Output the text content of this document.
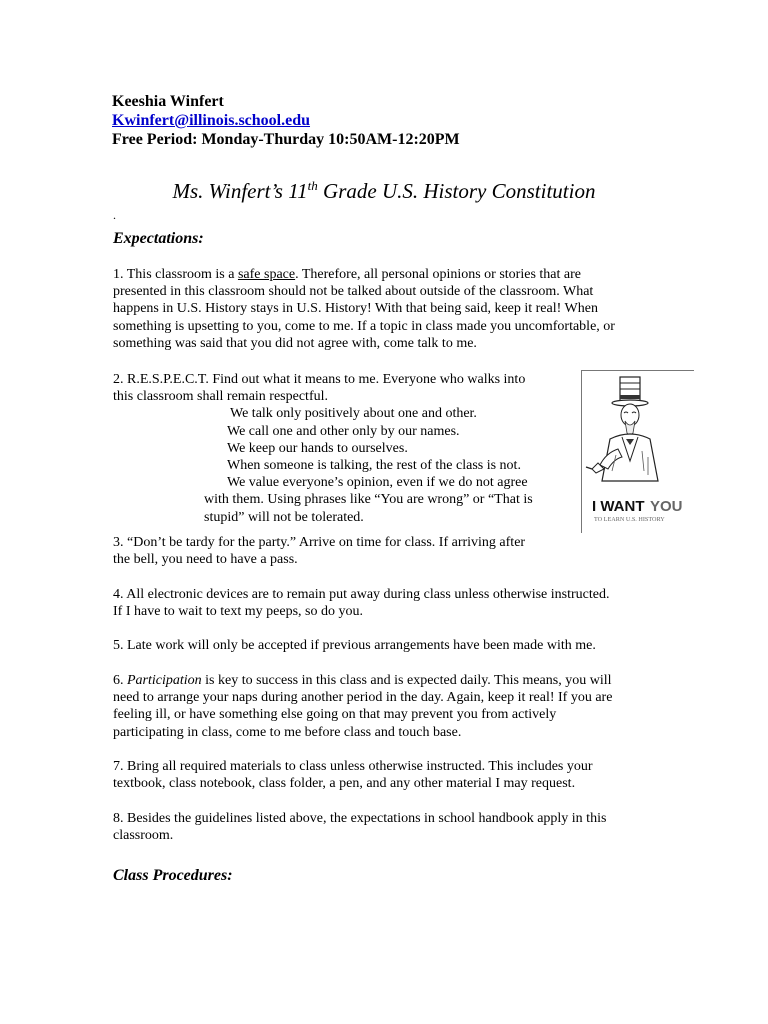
Keeshia Winfert
Kwinfert@illinois.school.edu
Free Period: Monday-Thurday 10:50AM-12:20PM
Ms. Winfert’s 11th Grade U.S. History Constitution
.
Expectations:
1. This classroom is a safe space. Therefore, all personal opinions or stories that are
presented in this classroom should not be talked about outside of the classroom. What
happens in U.S. History stays in U.S. History! With that being said, keep it real! When
something is upsetting to you, come to me. If a topic in class made you uncomfortable, or
something was said that you did not agree with, come talk to me.
2. R.E.S.P.E.C.T. Find out what it means to me. Everyone who walks into
this classroom shall remain respectful.
We talk only positively about one and other.
We call one and other only by our names.
We keep our hands to ourselves.
When someone is talking, the rest of the class is not.
We value everyone’s opinion, even if we do not agree
with them. Using phrases like “You are wrong” or “That is
stupid” will not be tolerated.
3. “Don’t be tardy for the party.” Arrive on time for class. If arriving after
the bell, you need to have a pass.
4. All electronic devices are to remain put away during class unless otherwise instructed.
If I have to wait to text my peeps, so do you.
5. Late work will only be accepted if previous arrangements have been made with me.
6. Participation is key to success in this class and is expected daily. This means, you will
need to arrange your naps during another period in the day. Again, keep it real! If you are
feeling ill, or have something else going on that may prevent you from actively
participating in class, come to me before class and touch base.
7. Bring all required materials to class unless otherwise instructed. This includes your
textbook, class notebook, class folder, a pen, and any other material I may request.
8. Besides the guidelines listed above, the expectations in school handbook apply in this
classroom.
Class Procedures:
I WANT YOU
TO LEARN U.S. HISTORY
